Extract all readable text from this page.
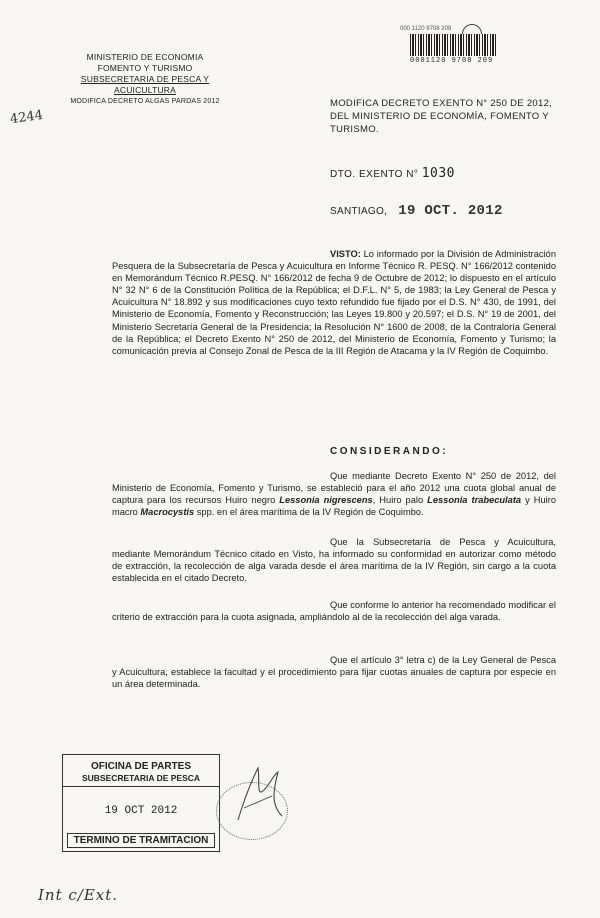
MINISTERIO DE ECONOMIA
FOMENTO Y TURISMO
SUBSECRETARIA DE PESCA Y ACUICULTURA
MODIFICA DECRETO ALGAS PARDAS 2012
4244
000 1120 9708 209
0001120 9708 209
MODIFICA DECRETO EXENTO N° 250 DE 2012, DEL MINISTERIO DE ECONOMÍA, FOMENTO Y TURISMO.
DTO. EXENTO N° 1030
SANTIAGO, 19 OCT. 2012
VISTO: Lo informado por la División de Administración Pesquera de la Subsecretaría de Pesca y Acuicultura en Informe Técnico R. PESQ. N° 166/2012 contenido en Memorándum Técnico R.PESQ. N° 166/2012 de fecha 9 de Octubre de 2012; lo dispuesto en el artículo N° 32 N° 6 de la Constitución Política de la República; el D.F.L. N° 5, de 1983; la Ley General de Pesca y Acuicultura N° 18.892 y sus modificaciones cuyo texto refundido fue fijado por el D.S. N° 430, de 1991, del Ministerio de Economía, Fomento y Reconstrucción; las Leyes 19.800 y 20.597; el D.S. N° 19 de 2001, del Ministerio Secretaría General de la Presidencia; la Resolución N° 1600 de 2008, de la Contraloría General de la República; el Decreto Exento N° 250 de 2012, del Ministerio de Economía, Fomento y Turismo; la comunicación previa al Consejo Zonal de Pesca de la III Región de Atacama y la IV Región de Coquimbo.
CONSIDERANDO:
Que mediante Decreto Exento N° 250 de 2012, del Ministerio de Economía, Fomento y Turismo, se estableció para el año 2012 una cuota global anual de captura para los recursos Huiro negro Lessonia nigrescens, Huiro palo Lessonia trabeculata y Huiro macro Macrocystis spp. en el área marítima de la IV Región de Coquimbo.
Que la Subsecretaría de Pesca y Acuicultura, mediante Memorándum Técnico citado en Visto, ha informado su conformidad en autorizar como método de extracción, la recolección de alga varada desde el área marítima de la IV Región, sin cargo a la cuota establecida en el citado Decreto.
Que conforme lo anterior ha recomendado modificar el criterio de extracción para la cuota asignada, ampliándolo al de la recolección del alga varada.
Que el artículo 3° letra c) de la Ley General de Pesca y Acuicultura, establece la facultad y el procedimiento para fijar cuotas anuales de captura por especie en un área determinada.
OFICINA DE PARTES
SUBSECRETARIA DE PESCA
19 OCT 2012
TERMINO DE TRAMITACION
Int c/Ext.
